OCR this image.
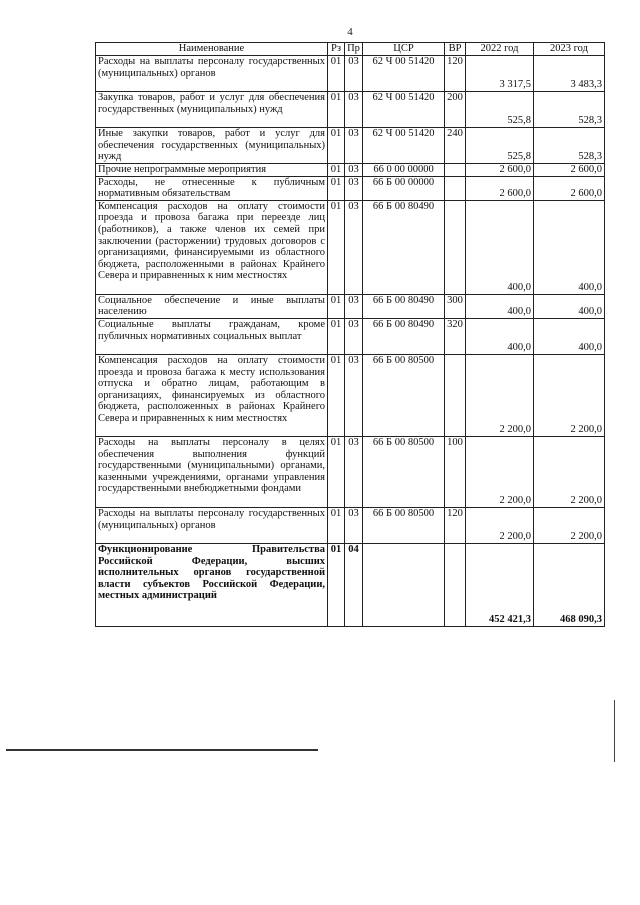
4
Наименование	Рз	Пр	ЦСР	ВР	2022 год	2023 год
Расходы на выплаты персоналу государственных (муниципальных) органов	01	03	62 Ч 00 51420	120	3 317,5	3 483,3
Закупка товаров, работ и услуг для обеспечения государственных (муниципальных) нужд	01	03	62 Ч 00 51420	200	525,8	528,3
Иные закупки товаров, работ и услуг для обеспечения государственных (муниципальных) нужд	01	03	62 Ч 00 51420	240	525,8	528,3
Прочие непрограммные мероприятия	01	03	66 0 00 00000		2 600,0	2 600,0
Расходы, не отнесенные к публичным нормативным обязательствам	01	03	66 Б 00 00000		2 600,0	2 600,0
Компенсация расходов на оплату стоимости проезда и провоза багажа при переезде лиц (работников), а также членов их семей при заключении (расторжении) трудовых договоров с организациями, финансируемыми из областного бюджета, расположенными в районах Крайнего Севера и приравненных к ним местностях	01	03	66 Б 00 80490		400,0	400,0
Социальное обеспечение и иные выплаты населению	01	03	66 Б 00 80490	300	400,0	400,0
Социальные выплаты гражданам, кроме публичных нормативных социальных выплат	01	03	66 Б 00 80490	320	400,0	400,0
Компенсация расходов на оплату стоимости проезда и провоза багажа к месту использования отпуска и обратно лицам, работающим в организациях, финансируемых из областного бюджета, расположенных в районах Крайнего Севера и приравненных к ним местностях	01	03	66 Б 00 80500		2 200,0	2 200,0
Расходы на выплаты персоналу в целях обеспечения выполнения функций государственными (муниципальными) органами, казенными учреждениями, органами управления государственными внебюджетными фондами	01	03	66 Б 00 80500	100	2 200,0	2 200,0
Расходы на выплаты персоналу государственных (муниципальных) органов	01	03	66 Б 00 80500	120	2 200,0	2 200,0
Функционирование Правительства Российской Федерации, высших исполнительных органов государственной власти субъектов Российской Федерации, местных администраций	01	04			452 421,3	468 090,3
